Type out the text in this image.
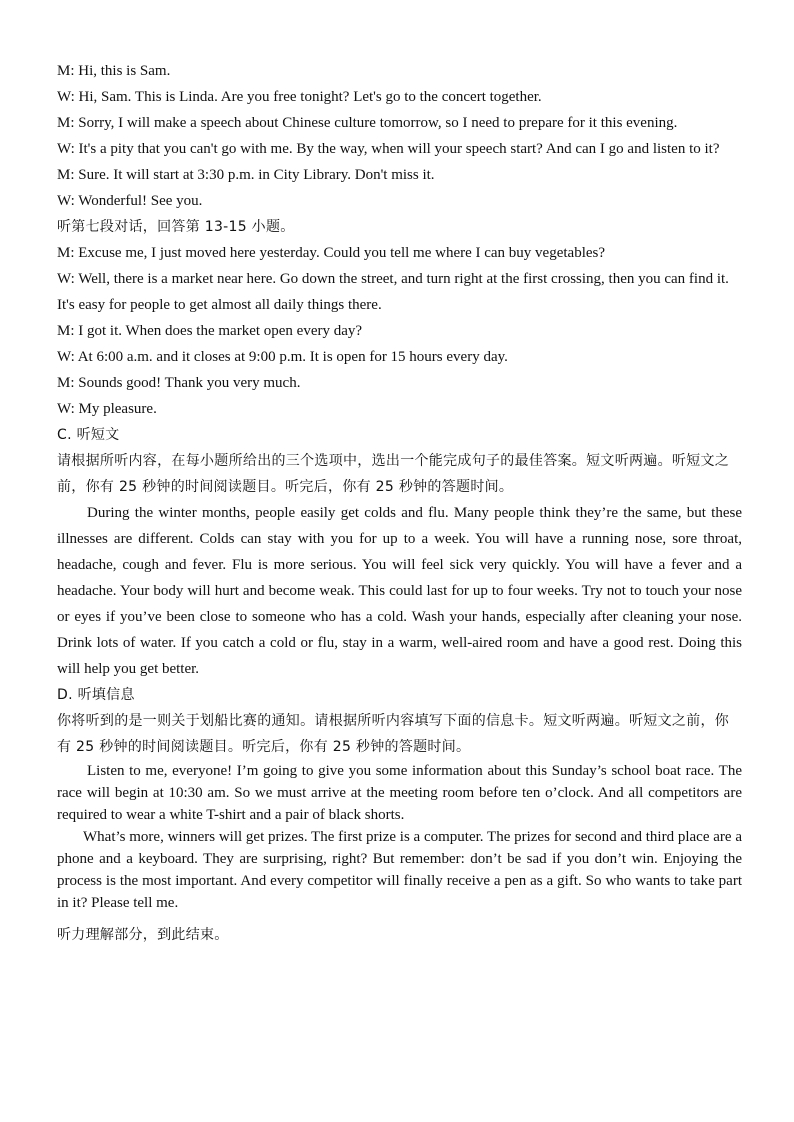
M: Hi, this is Sam.

W: Hi, Sam. This is Linda. Are you free tonight? Let's go to the concert together.

M: Sorry, I will make a speech about Chinese culture tomorrow, so I need to prepare for it this evening.

W: It's a pity that you can't go with me. By the way, when will your speech start? And can I go and listen to it?

M: Sure. It will start at 3:30 p.m. in City Library. Don't miss it.

W: Wonderful! See you.

听第七段对话，回答第 13-15 小题。

M: Excuse me, I just moved here yesterday. Could you tell me where I can buy vegetables?

W: Well, there is a market near here. Go down the street, and turn right at the first crossing, then you can find it. It's easy for people to get almost all daily things there.

M: I got it. When does the market open every day?

W: At 6:00 a.m. and it closes at 9:00 p.m. It is open for 15 hours every day.

M: Sounds good! Thank you very much.

W: My pleasure.

C. 听短文

请根据所听内容，在每小题所给出的三个选项中，选出一个能完成句子的最佳答案。短文听两遍。听短文之前，你有 25 秒钟的时间阅读题目。听完后，你有 25 秒钟的答题时间。

During the winter months, people easily get colds and flu. Many people think they’re the same, but these illnesses are different. Colds can stay with you for up to a week. You will have a running nose, sore throat, headache, cough and fever. Flu is more serious. You will feel sick very quickly. You will have a fever and a headache. Your body will hurt and become weak. This could last for up to four weeks. Try not to touch your nose or eyes if you’ve been close to someone who has a cold. Wash your hands, especially after cleaning your nose. Drink lots of water. If you catch a cold or flu, stay in a warm, well-aired room and have a good rest. Doing this will help you get better.

D. 听填信息

你将听到的是一则关于划船比赛的通知。请根据所听内容填写下面的信息卡。短文听两遍。听短文之前，你有 25 秒钟的时间阅读题目。听完后，你有 25 秒钟的答题时间。

Listen to me, everyone! I’m going to give you some information about this Sunday’s school boat race. The race will begin at 10:30 am. So we must arrive at the meeting room before ten o’clock. And all competitors are required to wear a white T-shirt and a pair of black shorts.

What’s more, winners will get prizes. The first prize is a computer. The prizes for second and third place are a phone and a keyboard. They are surprising, right? But remember: don’t be sad if you don’t win. Enjoying the process is the most important. And every competitor will finally receive a pen as a gift. So who wants to take part in it? Please tell me.

听力理解部分，到此结束。
